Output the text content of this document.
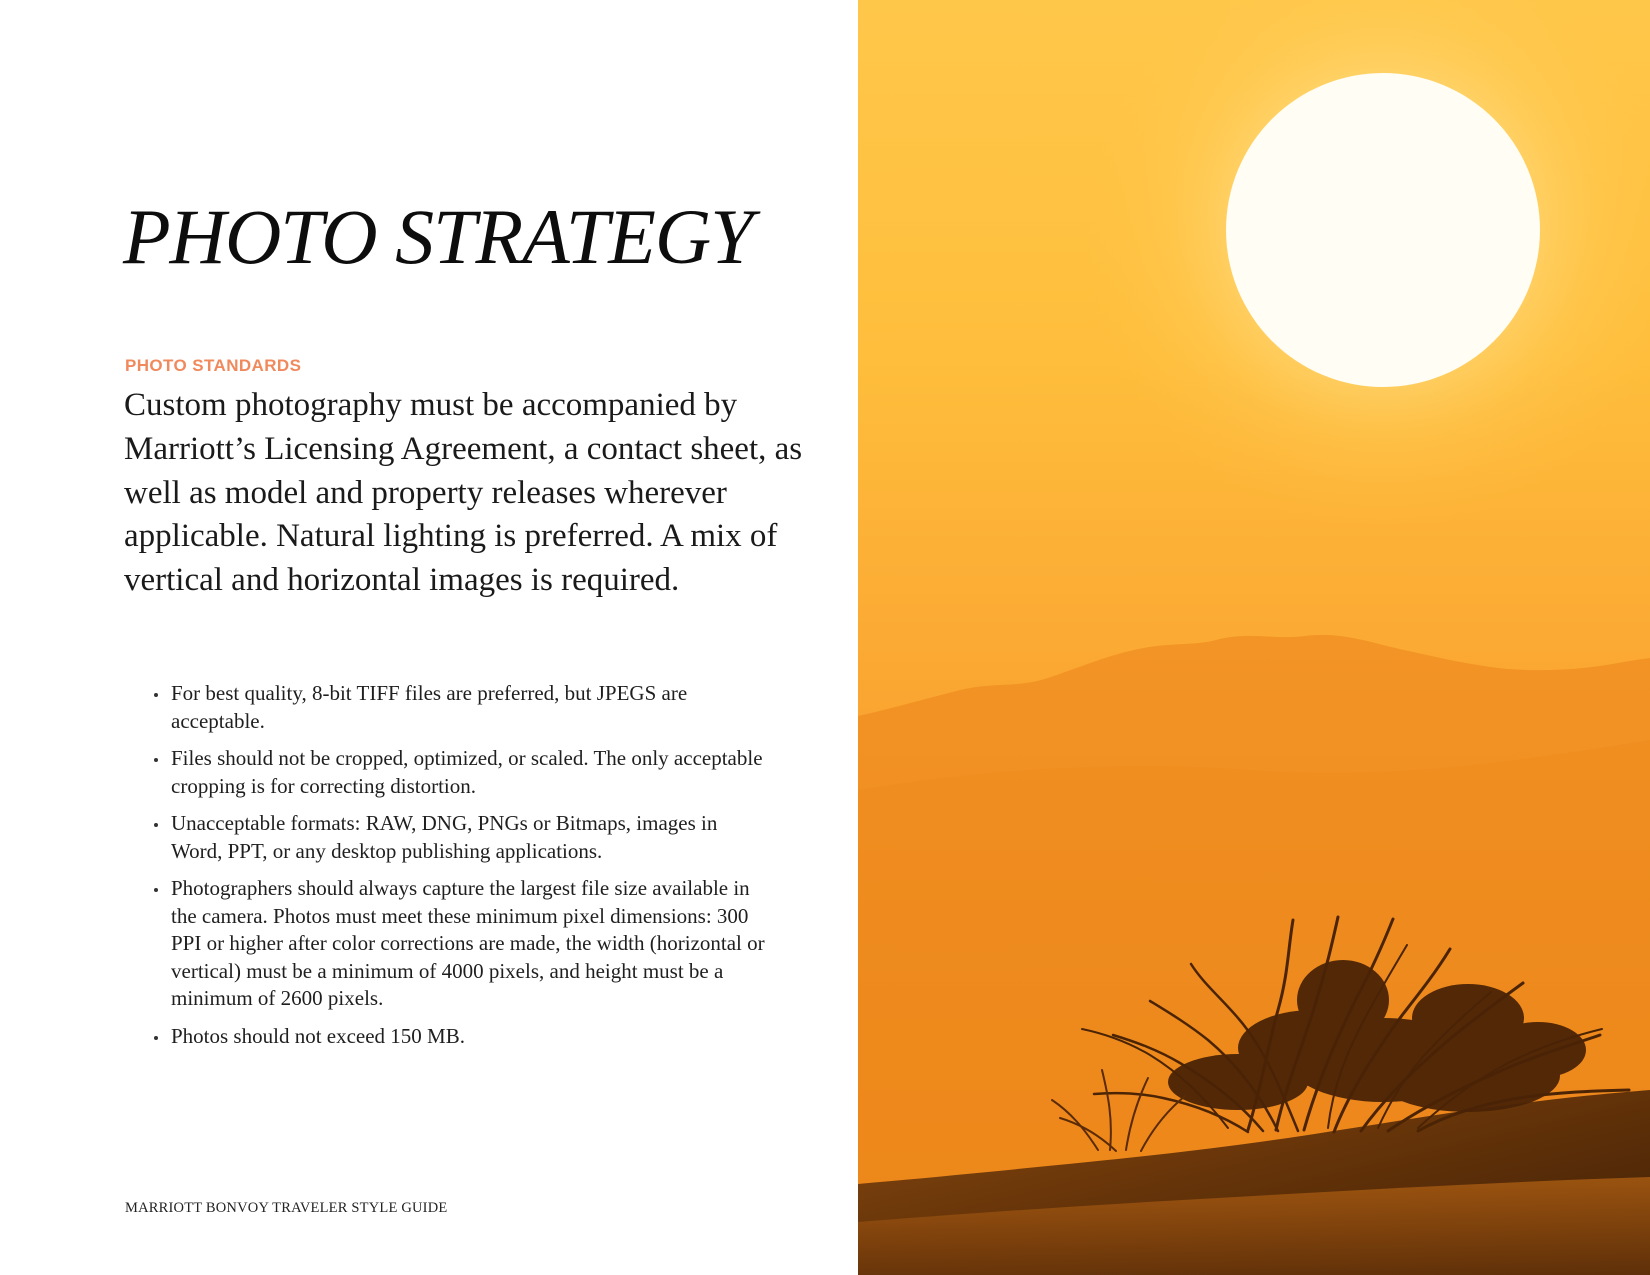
PHOTO STRATEGY
PHOTO STANDARDS

Custom photography must be accompanied by Marriott’s Licensing Agreement, a contact sheet, as well as model and property releases wherever applicable. Natural lighting is preferred. A mix of vertical and horizontal images is required.

For best quality, 8-bit TIFF files are preferred, but JPEGS are acceptable.
Files should not be cropped, optimized, or scaled. The only acceptable cropping is for correcting distortion.
Unacceptable formats: RAW, DNG, PNGs or Bitmaps, images in Word, PPT, or any desktop publishing applications.
Photographers should always capture the largest file size available in the camera. Photos must meet these minimum pixel dimensions: 300 PPI or higher after color corrections are made, the width (horizontal or vertical) must be a minimum of 4000 pixels, and height must be a minimum of 2600 pixels.
Photos should not exceed 150 MB.
MARRIOTT BONVOY TRAVELER STYLE GUIDE
